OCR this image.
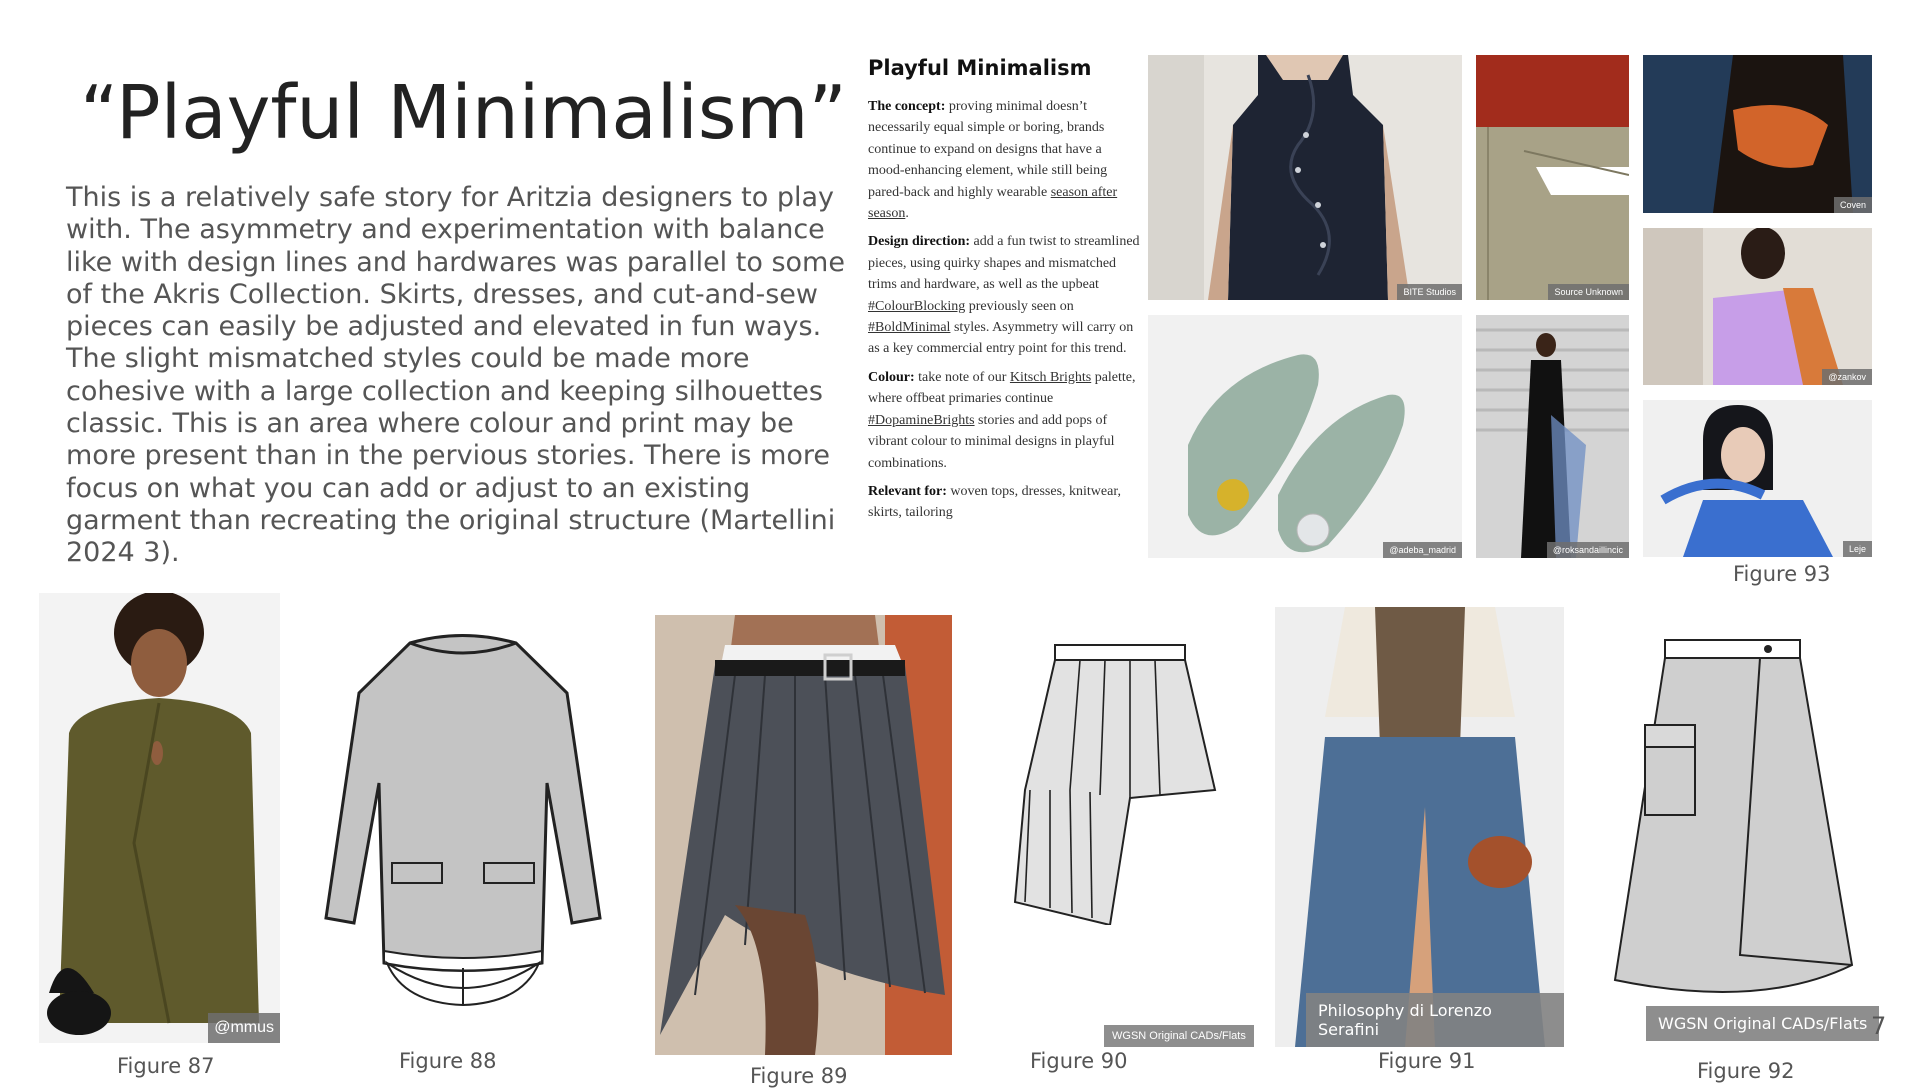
“Playful Minimalism”
This is a relatively safe story for Aritzia designers to play
with. The asymmetry and experimentation with balance
like with design lines and hardwares was parallel to some
of the Akris Collection. Skirts, dresses, and cut-and-sew
pieces can easily be adjusted and elevated in fun ways.
The slight mismatched styles could be made more
cohesive with a large collection and keeping silhouettes
classic. This is an area where colour and print may be
more present than in the pervious stories. There is more
focus on what you can add or adjust to an existing
garment than recreating the original structure (Martellini
2024 3).
Playful Minimalism

The concept: proving minimal doesn’t necessarily equal simple or boring, brands continue to expand on designs that have a mood-enhancing element, while still being pared-back and highly wearable season after season.

Design direction: add a fun twist to streamlined pieces, using quirky shapes and mismatched trims and hardware, as well as the upbeat #ColourBlocking previously seen on #BoldMinimal styles. Asymmetry will carry on as a key commercial entry point for this trend.

Colour: take note of our Kitsch Brights palette, where offbeat primaries continue #DopamineBrights stories and add pops of vibrant colour to minimal designs in playful combinations.

Relevant for: woven tops, dresses, knitwear, skirts, tailoring

BITE Studios	Source Unknown
Coven
@zankov
Leje
@adeba_madrid	@roksandaillincic
Figure 93
@mmus
Figure 87	Figure 88
Figure 89
WGSN Original CADs/Flats
Figure 90
Philosophy di Lorenzo Serafini
Figure 91
WGSN Original CADs/Flats 7
Figure 92
